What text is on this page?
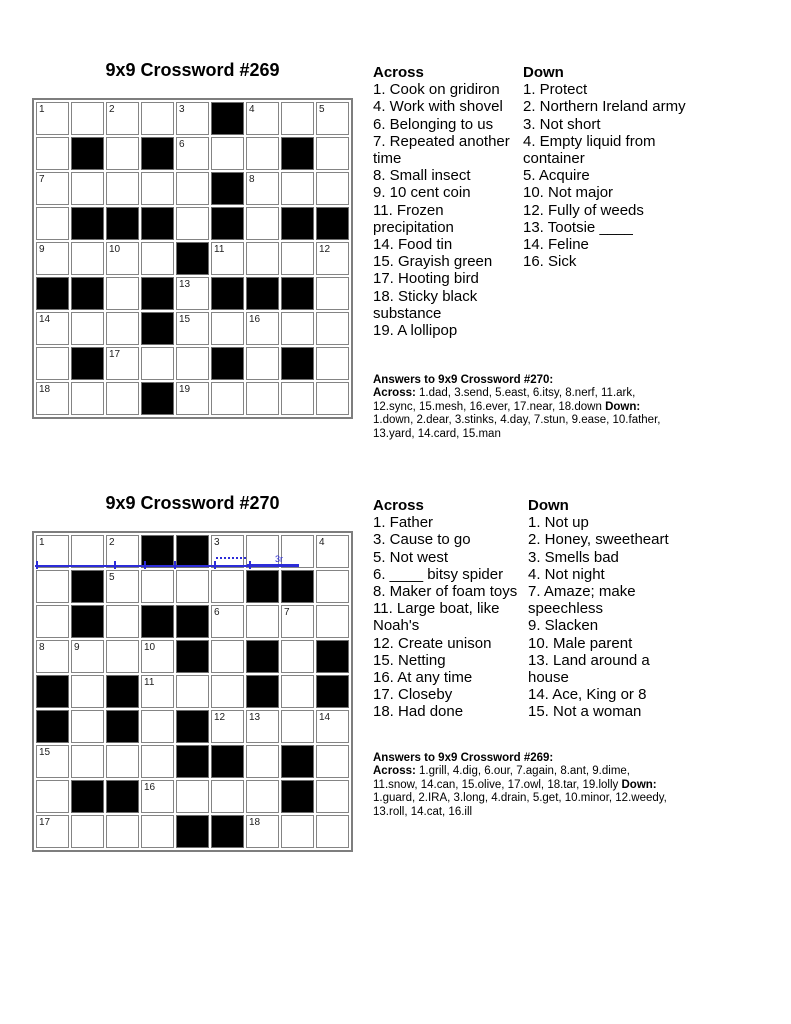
9x9 Crossword #269
1	2	3	4	5
6
7	8
9	10	11	12
13
14	15	16
17
18	19
Across
1. Cook on gridiron
4. Work with shovel
6. Belonging to us
7. Repeated another time
8. Small insect
9. 10 cent coin
11. Frozen precipitation
14. Food tin
15. Grayish green
17. Hooting bird
18. Sticky black substance
19. A lollipop
Down
1. Protect
2. Northern Ireland army
3. Not short
4. Empty liquid from container
5. Acquire
10. Not major
12. Fully of weeds
13. Tootsie ____
14. Feline
16. Sick
Answers to 9x9 Crossword #270:
Across: 1.dad, 3.send, 5.east, 6.itsy, 8.nerf, 11.ark, 12.sync, 15.mesh, 16.ever, 17.near, 18.down Down: 1.down, 2.dear, 3.stinks, 4.day, 7.stun, 9.ease, 10.father, 13.yard, 14.card, 15.man
9x9 Crossword #270
3r
1	2	3	4
5
6	7
8	9	10
11
12	13	14
15
16
17	18
Across
1. Father
3. Cause to go
5. Not west
6. ____ bitsy spider
8. Maker of foam toys
11. Large boat, like Noah's
12. Create unison
15. Netting
16. At any time
17. Closeby
18. Had done
Down
1. Not up
2. Honey, sweetheart
3. Smells bad
4. Not night
7. Amaze; make speechless
9. Slacken
10. Male parent
13. Land around a house
14. Ace, King or 8
15. Not a woman
Answers to 9x9 Crossword #269:
Across: 1.grill, 4.dig, 6.our, 7.again, 8.ant, 9.dime, 11.snow, 14.can, 15.olive, 17.owl, 18.tar, 19.lolly Down: 1.guard, 2.IRA, 3.long, 4.drain, 5.get, 10.minor, 12.weedy, 13.roll, 14.cat, 16.ill
